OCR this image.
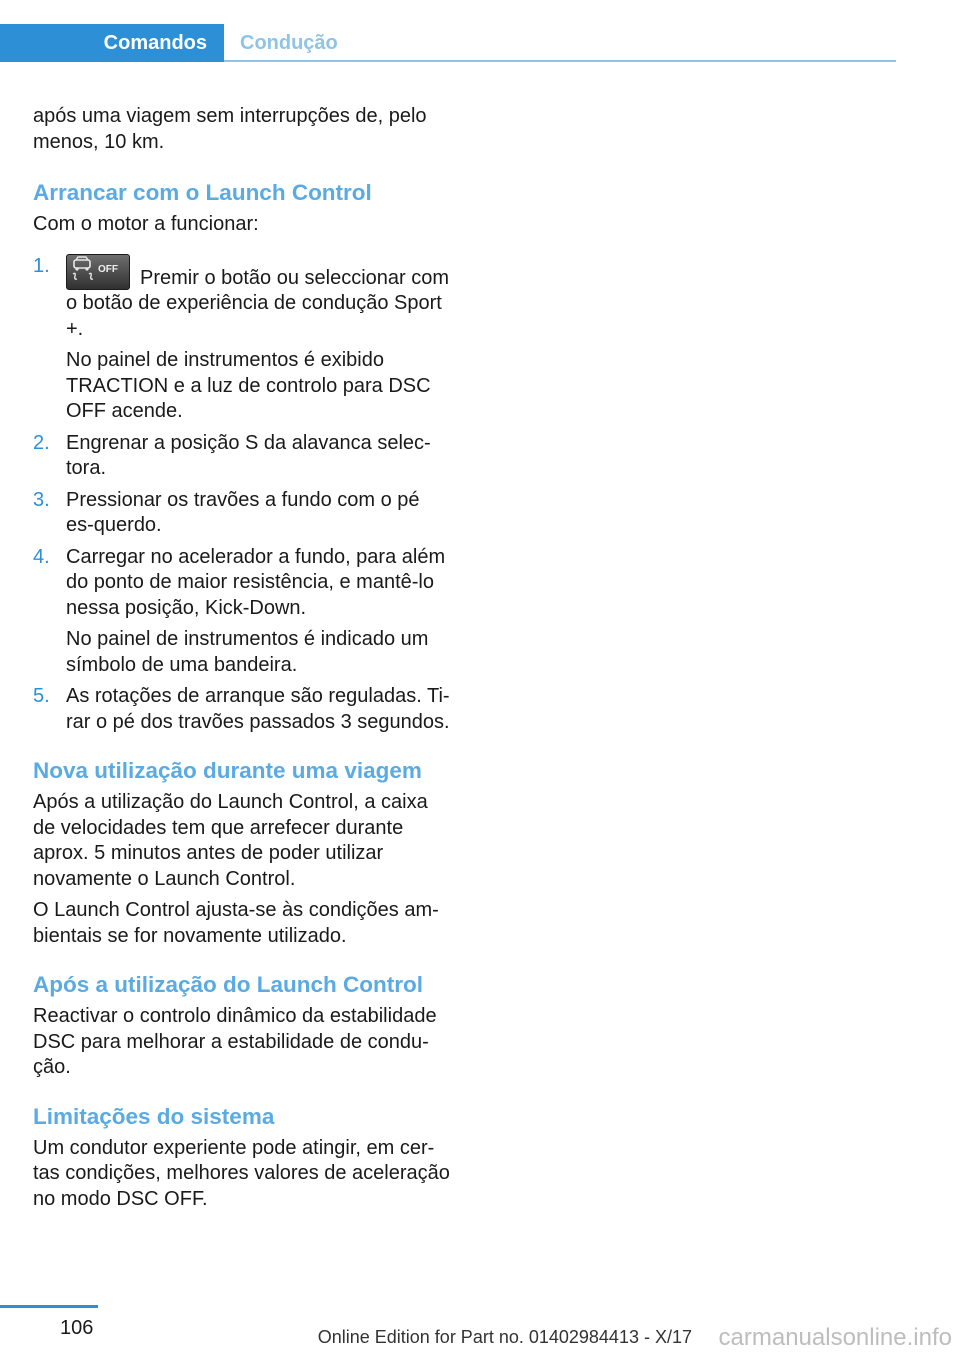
Comandos	Condução

após uma viagem sem interrupções de, pelo menos, 10 km.

Arrancar com o Launch Control

Com o motor a funcionar:

1.	OFF Premir o botão ou seleccionar com o botão de experiência de condução Sport +.

No painel de instrumentos é exibido TRACTION e a luz de controlo para DSC OFF acende.

2. Engrenar a posição S da alavanca selec‐tora.

3. Pressionar os travões a fundo com o pé es‐querdo.

4. Carregar no acelerador a fundo, para além do ponto de maior resistência, e mantê-lo nessa posição, Kick-Down.

No painel de instrumentos é indicado um símbolo de uma bandeira.

5. As rotações de arranque são reguladas. Ti‐rar o pé dos travões passados 3 segundos.

Nova utilização durante uma viagem

Após a utilização do Launch Control, a caixa de velocidades tem que arrefecer durante aprox. 5 minutos antes de poder utilizar novamente o Launch Control.

O Launch Control ajusta-se às condições am‐bientais se for novamente utilizado.

Após a utilização do Launch Control

Reactivar o controlo dinâmico da estabilidade DSC para melhorar a estabilidade de condu‐ção.

Limitações do sistema

Um condutor experiente pode atingir, em cer‐tas condições, melhores valores de aceleração no modo DSC OFF.

106	Online Edition for Part no. 01402984413 - X/17 carmanualsonline.info
